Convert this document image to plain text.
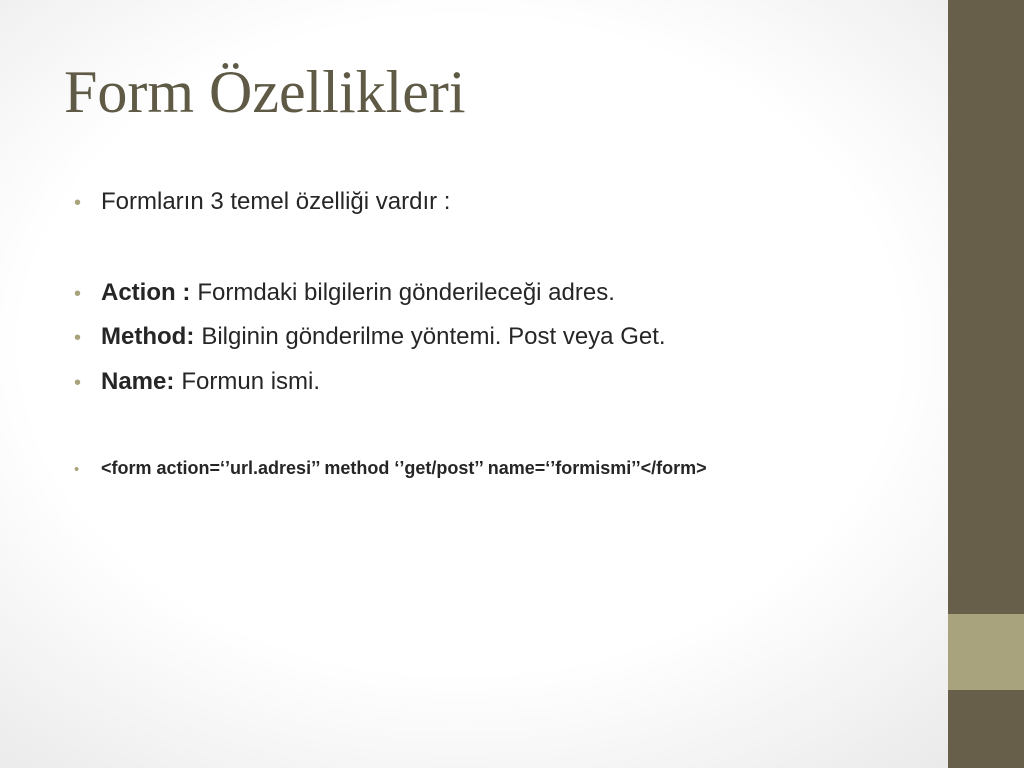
Form Özellikleri
• Formların 3 temel özelliği vardır :
• Action : Formdaki bilgilerin gönderileceği adres.
• Method: Bilginin gönderilme yöntemi. Post veya Get.
• Name: Formun ismi.
•	<form action=‘’url.adresi’’ method ‘’get/post’’ name=‘’formismi’’</form>
